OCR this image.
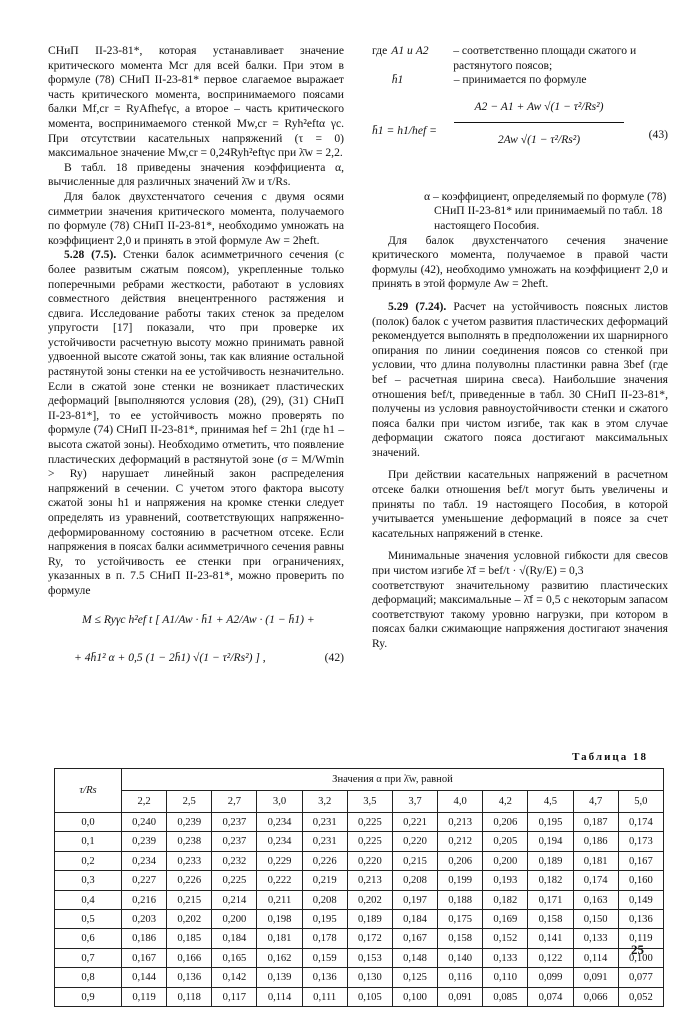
СНиП II-23-81*, которая устанавливает значение критического момента Mcr для всей балки. При этом в формуле (78) СНиП II-23-81* первое слагаемое выражает часть критического момента, воспринимаемого поясами балки Mf,cr = RyAfhefγc, а второе – часть критического момента, воспринимаемого стенкой Mw,cr = Ryh²eftα γc. При отсутствии касательных напряжений (τ = 0) максимальное значение Mw,cr = 0,24Ryh²eftγc при λ̄w = 2,2.

В табл. 18 приведены значения коэффициента α, вычисленные для различных значений λ̄w и τ/Rs.

Для балок двухстенчатого сечения с двумя осями симметрии значения критического момента, получаемого по формуле (78) СНиП II-23-81*, необходимо умножать на коэффициент 2,0 и принять в этой формуле Aw = 2heft.

5.28 (7.5). Стенки балок асимметричного сечения (с более развитым сжатым поясом), укрепленные только поперечными ребрами жесткости, работают в условиях совместного действия внецентренного растяжения и сдвига. Исследование работы таких стенок за пределом упругости [17] показали, что при проверке их устойчивости расчетную высоту можно принимать равной удвоенной высоте сжатой зоны, так как влияние остальной растянутой зоны стенки на ее устойчивость незначительно. Если в сжатой зоне стенки не возникает пластических деформаций [выполняются условия (28), (29), (31) СНиП II-23-81*], то ее устойчивость можно проверять по формуле (74) СНиП II-23-81*, принимая hef = 2h1 (где h1 – высота сжатой зоны). Необходимо отметить, что появление пластических деформаций в растянутой зоне (σ = M/Wmin > Ry) нарушает линейный закон распределения напряжений в сечении. С учетом этого фактора высоту сжатой зоны h1 и напряжения на кромке стенки следует определять из уравнений, соответствующих напряженно-деформированному состоянию в расчетном отсеке. Если напряжения в поясах балки асимметричного сечения равны Ry, то устойчивость ее стенки при ограничениях, указанных в п. 7.5 СНиП II-23-81*, можно проверить по формуле

M ≤ Ryγc h²ef t [ A1/Aw · h̄1 + A2/Aw · (1 − h̄1) +
+ 4h̄1² α + 0,5 (1 − 2h̄1) √(1 − τ²/Rs²) ] ,	(42)
где A1 и A2	– соответственно площади сжатого и растянутого поясов;
h̄1	– принимается по формуле
h̄1 = h1/hef =
A2 − A1 + Aw √(1 − τ²/Rs²)
2Aw √(1 − τ²/Rs²)	(43)

α – коэффициент, определяемый по формуле (78) СНиП II-23-81* или принимаемый по табл. 18 настоящего Пособия.

Для балок двухстенчатого сечения значение критического момента, получаемое в правой части формулы (42), необходимо умножать на коэффициент 2,0 и принять в этой формуле Aw = 2heft.

5.29 (7.24). Расчет на устойчивость поясных листов (полок) балок с учетом развития пластических деформаций рекомендуется выполнять в предположении их шарнирного опирания по линии соединения поясов со стенкой при условии, что длина полуволны пластинки равна 3bef (где bef – расчетная ширина свеса). Наибольшие значения отношения bef/t, приведенные в табл. 30 СНиП II-23-81*, получены из условия равноустойчивости стенки и сжатого пояса балки при чистом изгибе, так как в этом случае деформации сжатого пояса достигают максимальных значений.

При действии касательных напряжений в расчетном отсеке балки отношения bef/t могут быть увеличены и приняты по табл. 19 настоящего Пособия, в которой учитывается уменьшение деформаций в поясе за счет касательных напряжений в стенке.

Минимальные значения условной гибкости для свесов при чистом изгибе λ̄f = bef/t · √(Ry/E) = 0,3

соответствуют значительному развитию пластических деформаций; максимальные – λ̄f = 0,5 с некоторым запасом соответствуют такому уровню нагрузки, при котором в поясах балки сжимающие напряжения достигают значения Ry.

Таблица 18
τ/Rs	Значения α при λ̄w, равной											
	2,2	2,5	2,7	3,0	3,2	3,5	3,7	4,0	4,2	4,5	4,7	5,0
0,0	0,240	0,239	0,237	0,234	0,231	0,225	0,221	0,213	0,206	0,195	0,187	0,174
0,1	0,239	0,238	0,237	0,234	0,231	0,225	0,220	0,212	0,205	0,194	0,186	0,173
0,2	0,234	0,233	0,232	0,229	0,226	0,220	0,215	0,206	0,200	0,189	0,181	0,167
0,3	0,227	0,226	0,225	0,222	0,219	0,213	0,208	0,199	0,193	0,182	0,174	0,160
0,4	0,216	0,215	0,214	0,211	0,208	0,202	0,197	0,188	0,182	0,171	0,163	0,149
0,5	0,203	0,202	0,200	0,198	0,195	0,189	0,184	0,175	0,169	0,158	0,150	0,136
0,6	0,186	0,185	0,184	0,181	0,178	0,172	0,167	0,158	0,152	0,141	0,133	0,119
0,7	0,167	0,166	0,165	0,162	0,159	0,153	0,148	0,140	0,133	0,122	0,114	0,100
0,8	0,144	0,136	0,142	0,139	0,136	0,130	0,125	0,116	0,110	0,099	0,091	0,077
0,9	0,119	0,118	0,117	0,114	0,111	0,105	0,100	0,091	0,085	0,074	0,066	0,052
25
